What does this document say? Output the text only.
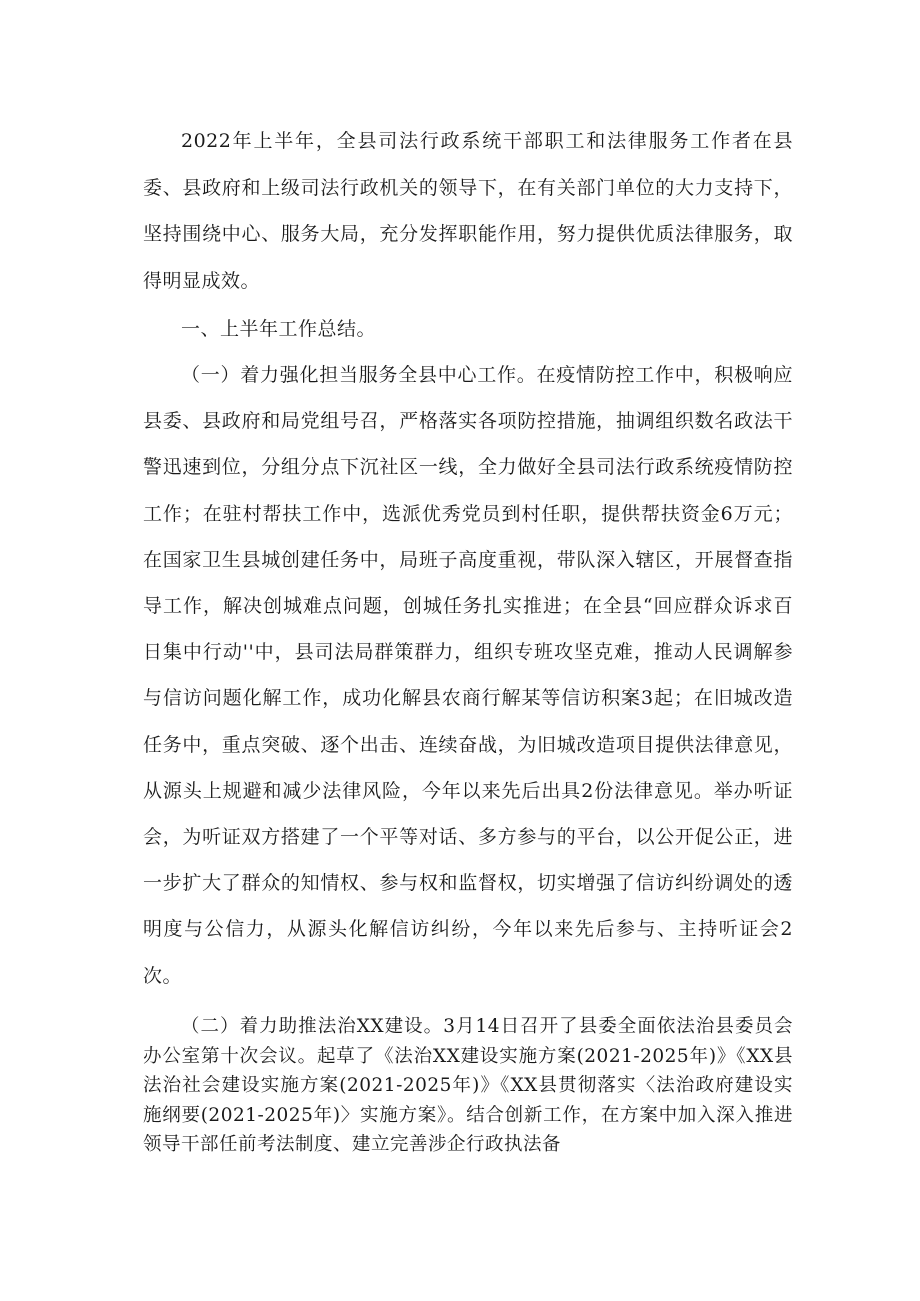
2022年上半年，全县司法行政系统干部职工和法律服务工作者在县委、县政府和上级司法行政机关的领导下，在有关部门单位的大力支持下，坚持围绕中心、服务大局，充分发挥职能作用，努力提供优质法律服务，取得明显成效。

一、上半年工作总结。

（一）着力强化担当服务全县中心工作。在疫情防控工作中，积极响应县委、县政府和局党组号召，严格落实各项防控措施，抽调组织数名政法干警迅速到位，分组分点下沉社区一线，全力做好全县司法行政系统疫情防控工作；在驻村帮扶工作中，选派优秀党员到村任职，提供帮扶资金6万元；在国家卫生县城创建任务中，局班子高度重视，带队深入辖区，开展督查指导工作，解决创城难点问题，创城任务扎实推进；在全县“回应群众诉求百日集中行动''中，县司法局群策群力，组织专班攻坚克难，推动人民调解参与信访问题化解工作，成功化解县农商行解某等信访积案3起；在旧城改造任务中，重点突破、逐个出击、连续奋战，为旧城改造项目提供法律意见，从源头上规避和减少法律风险，今年以来先后出具2份法律意见。举办听证会，为听证双方搭建了一个平等对话、多方参与的平台，以公开促公正，进一步扩大了群众的知情权、参与权和监督权，切实增强了信访纠纷调处的透明度与公信力，从源头化解信访纠纷，今年以来先后参与、主持听证会2次。

（二）着力助推法治XX建设。3月14日召开了县委全面依法治县委员会办公室第十次会议。起草了《法治XX建设实施方案(2021-2025年)》《XX县法治社会建设实施方案(2021-2025年)》《XX县贯彻落实〈法治政府建设实施纲要(2021-2025年)〉实施方案》。结合创新工作，在方案中加入深入推进领导干部任前考法制度、建立完善涉企行政执法备
